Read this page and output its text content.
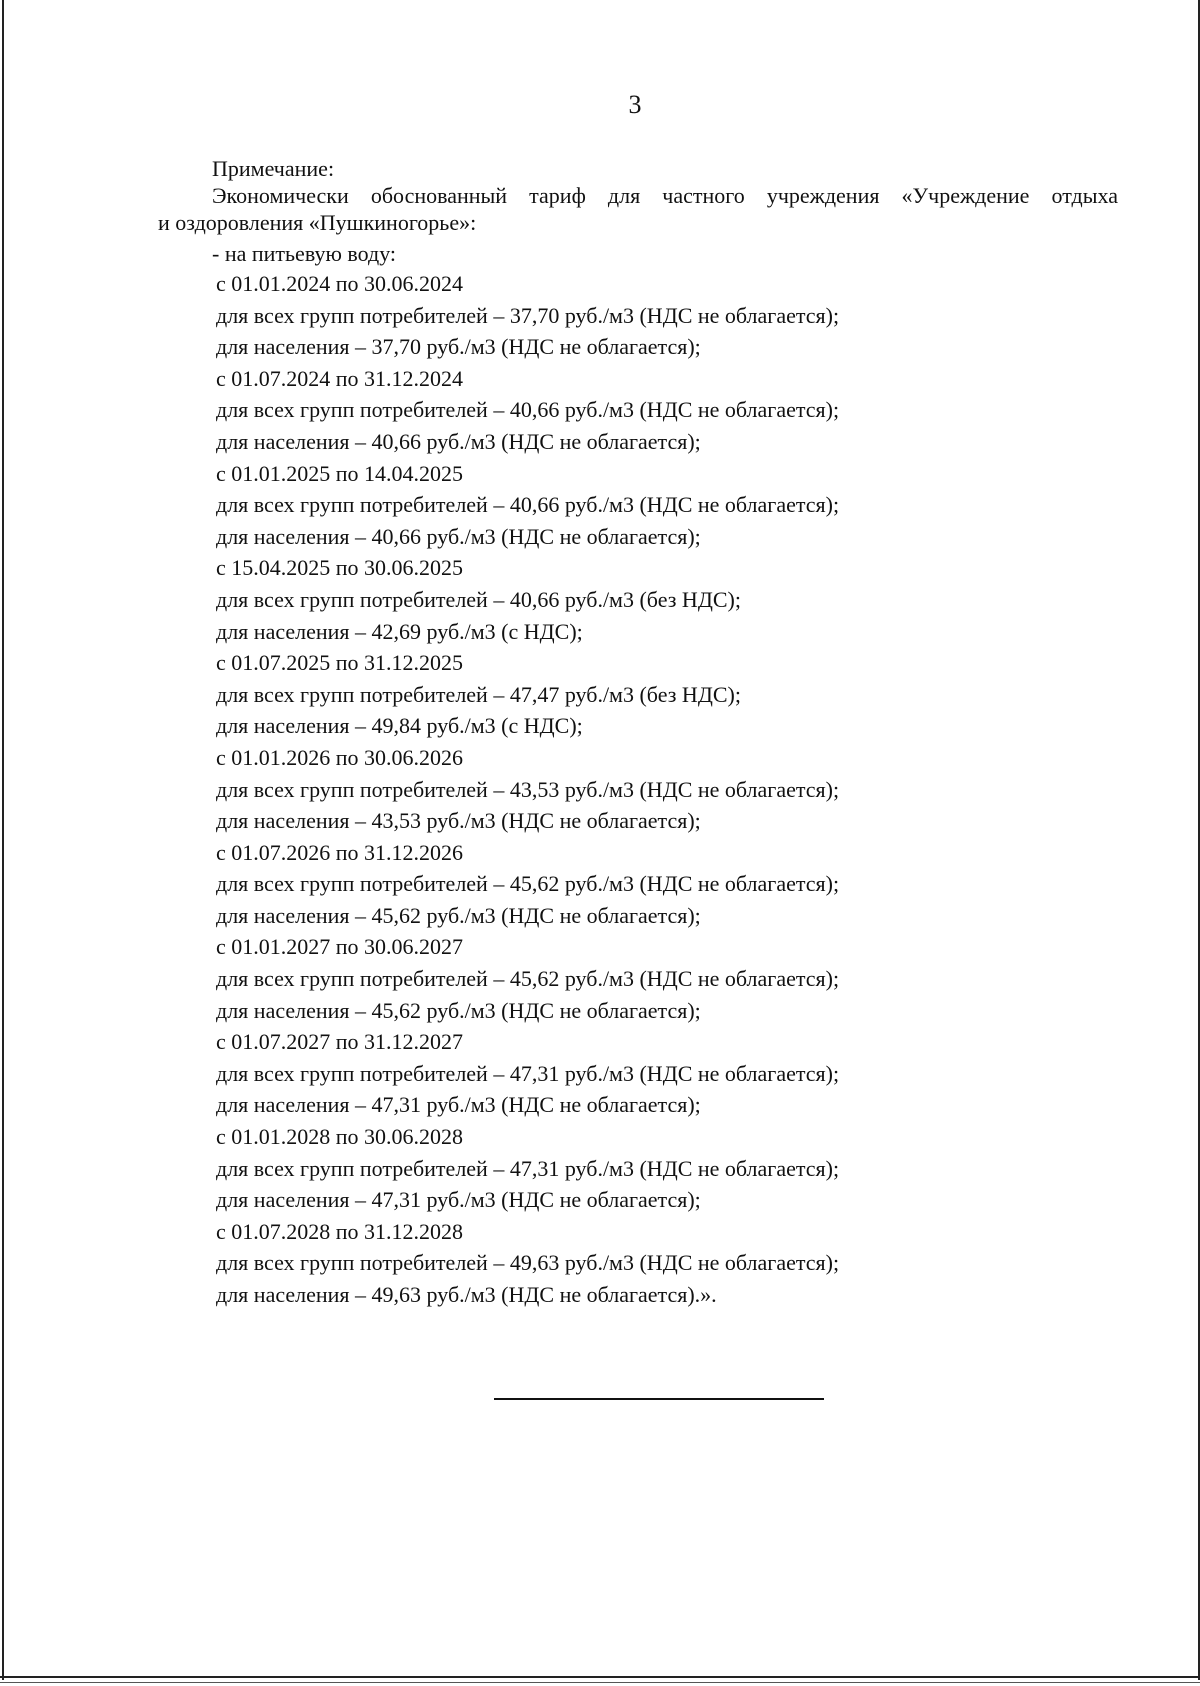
3
Примечание:
Экономически обоснованный тариф для частного учреждения «Учреждение отдыха
и оздоровления «Пушкиногорье»:
- на питьевую воду:
с 01.01.2024 по 30.06.2024
для всех групп потребителей – 37,70 руб./м3 (НДС не облагается);
для населения – 37,70 руб./м3 (НДС не облагается);
с 01.07.2024 по 31.12.2024
для всех групп потребителей – 40,66 руб./м3 (НДС не облагается);
для населения – 40,66 руб./м3 (НДС не облагается);
с 01.01.2025 по 14.04.2025
для всех групп потребителей – 40,66 руб./м3 (НДС не облагается);
для населения – 40,66 руб./м3 (НДС не облагается);
с 15.04.2025 по 30.06.2025
для всех групп потребителей – 40,66 руб./м3 (без НДС);
для населения – 42,69 руб./м3 (с НДС);
с 01.07.2025 по 31.12.2025
для всех групп потребителей – 47,47 руб./м3 (без НДС);
для населения – 49,84 руб./м3 (с НДС);
с 01.01.2026 по 30.06.2026
для всех групп потребителей – 43,53 руб./м3 (НДС не облагается);
для населения – 43,53 руб./м3 (НДС не облагается);
с 01.07.2026 по 31.12.2026
для всех групп потребителей – 45,62 руб./м3 (НДС не облагается);
для населения – 45,62 руб./м3 (НДС не облагается);
с 01.01.2027 по 30.06.2027
для всех групп потребителей – 45,62 руб./м3 (НДС не облагается);
для населения – 45,62 руб./м3 (НДС не облагается);
с 01.07.2027 по 31.12.2027
для всех групп потребителей – 47,31 руб./м3 (НДС не облагается);
для населения – 47,31 руб./м3 (НДС не облагается);
с 01.01.2028 по 30.06.2028
для всех групп потребителей – 47,31 руб./м3 (НДС не облагается);
для населения – 47,31 руб./м3 (НДС не облагается);
с 01.07.2028 по 31.12.2028
для всех групп потребителей – 49,63 руб./м3 (НДС не облагается);
для населения – 49,63 руб./м3 (НДС не облагается).».
